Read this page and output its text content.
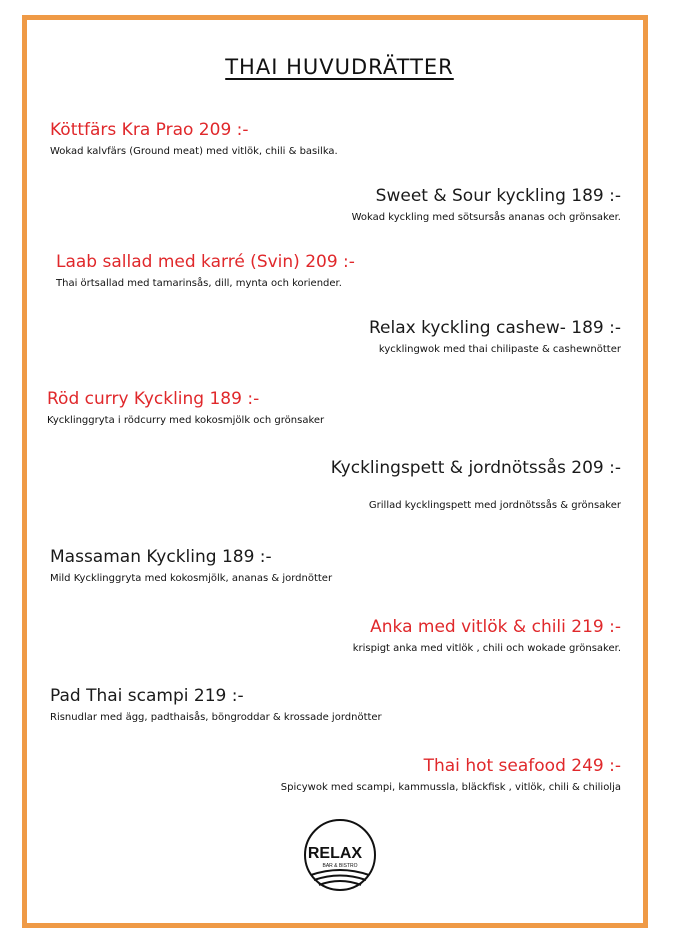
THAI HUVUDRÄTTER
Köttfärs Kra Prao 209 :-
Wokad kalvfärs (Ground meat) med vitlök, chili & basilka.
Sweet & Sour kyckling 189 :-
Wokad kyckling med sötsursås ananas och grönsaker.
Laab sallad med karré (Svin) 209 :-
Thai örtsallad med tamarinsås, dill, mynta och koriender.
Relax kyckling cashew- 189 :-
kycklingwok med thai chilipaste & cashewnötter
Röd curry Kyckling 189 :-
Kycklinggryta i rödcurry med kokosmjölk och grönsaker
Kycklingspett & jordnötssås 209 :-
Grillad kycklingspett med jordnötssås & grönsaker
Massaman Kyckling 189 :-
Mild Kycklinggryta med kokosmjölk, ananas & jordnötter
Anka med vitlök & chili 219 :-
krispigt anka med vitlök , chili och wokade grönsaker.
Pad Thai scampi 219 :-
Risnudlar med ägg, padthaisås, böngroddar & krossade jordnötter
Thai hot seafood 249 :-
Spicywok med scampi, kammussla, bläckfisk , vitlök, chili & chiliolja
RELAX
BAR & BISTRO
